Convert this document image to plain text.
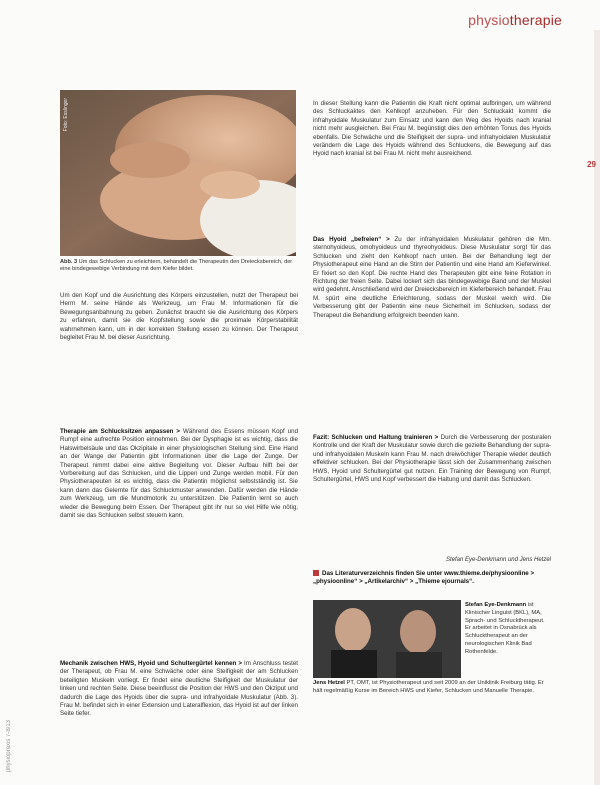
physiotherapie
29
Foto: Esslinger
Abb. 3 Um das Schlucken zu erleichtern, behandelt die Therapeutin den Dreiecksbereich, der eine bindegewebige Verbindung mit dem Kiefer bildet.

Um den Kopf und die Ausrichtung des Körpers einzustellen, nutzt der Therapeut bei Herrn M. seine Hände als Werkzeug, um Frau M. Informationen für die Bewegungsanbahnung zu geben. Zunächst braucht sie die Ausrichtung des Körpers zu erfahren, damit sie die Kopfstellung sowie die proximale Körperstabilität wahrnehmen kann, um in der korrekten Stellung essen zu können. Der Therapeut begleitet Frau M. bei dieser Ausrichtung.

Therapie am Schlucksitzen anpassen > Während des Essens müssen Kopf und Rumpf eine aufrechte Position einnehmen. Bei der Dysphagie ist es wichtig, dass die Halswirbelsäule und das Okzipitale in einer physiologischen Stellung sind. Eine Hand an der Wange der Patientin gibt Informationen über die Lage der Zunge. Der Therapeut nimmt dabei eine aktive Begleitung vor. Dieser Aufbau hilft bei der Vorbereitung auf das Schlucken, und die Lippen und Zunge werden mobil. Für den Physiotherapeuten ist es wichtig, dass die Patientin möglichst selbstständig ist. Sie kann dann das Gelernte für das Schluckmuster anwenden. Dafür werden die Hände zum Werkzeug, um die Mundmotorik zu unterstützen. Die Patientin lernt so auch wieder die Bewegung beim Essen. Der Therapeut gibt ihr nur so viel Hilfe wie nötig, damit sie das Schlucken selbst steuern kann.

Mechanik zwischen HWS, Hyoid und Schultergürtel kennen > Im Anschluss testet der Therapeut, ob Frau M. eine Schwäche oder eine Steifigkeit der am Schlucken beteiligten Muskeln vorliegt. Er findet eine deutliche Steifigkeit der Muskulatur der linken und rechten Seite. Diese beeinflusst die Position der HWS und den Okziput und dadurch die Lage des Hyoids über die supra- und infrahyoidale Muskulatur (Abb. 3). Frau M. befindet sich in einer Extension und Lateralflexion, das Hyoid ist auf der linken Seite tiefer.

In dieser Stellung kann die Patientin die Kraft nicht optimal aufbringen, um während des Schluckaktes den Kehlkopf anzuheben. Für den Schluckakt kommt die infrahyoidale Muskulatur zum Einsatz und kann den Weg des Hyoids nach kranial nicht mehr ausgleichen. Bei Frau M. begünstigt dies den erhöhten Tonus des Hyoids ebenfalls. Die Schwäche und die Steifigkeit der supra- und infrahyoidalen Muskulatur verändern die Lage des Hyoids während des Schluckens, die Bewegung auf das Hyoid nach kranial ist bei Frau M. nicht mehr ausreichend.

Das Hyoid „befreien“ > Zu der infrahyoidalen Muskulatur gehören die Mm. sternohyoideus, omohyoideus und thyreohyoideus. Diese Muskulatur sorgt für das Schlucken und zieht den Kehlkopf nach unten. Bei der Behandlung legt der Physiotherapeut eine Hand an die Stirn der Patientin und eine Hand am Kieferwinkel. Er fixiert so den Kopf. Die rechte Hand des Therapeuten gibt eine feine Rotation in Richtung der freien Seite. Dabei lockert sich das bindegewebige Band und der Muskel wird gedehnt. Anschließend wird der Dreiecksbereich im Kieferbereich behandelt. Frau M. spürt eine deutliche Erleichterung, sodass der Muskel weich wird. Die Verbesserung gibt der Patientin eine neue Sicherheit im Schlucken, sodass der Therapeut die Behandlung erfolgreich beenden kann.

Fazit: Schlucken und Haltung trainieren > Durch die Verbesserung der posturalen Kontrolle und der Kraft der Muskulatur sowie durch die gezielte Behandlung der supra- und infrahyoidalen Muskeln kann Frau M. nach dreiwöchiger Therapie wieder deutlich effektiver schlucken. Bei der Physiotherapie lässt sich der Zusammenhang zwischen HWS, Hyoid und Schultergürtel gut nutzen. Ein Training der Bewegung von Rumpf, Schultergürtel, HWS und Kopf verbessert die Haltung und damit das Schlucken.

Stefan Eye-Denkmann und Jens Hetzel
Das Literaturverzeichnis finden Sie unter www.thieme.de/physioonline > „physioonline“ > „Artikelarchiv“ > „Thieme ejournals“.
Stefan Eye-Denkmann ist Klinischer Linguist (BKL), MA, Sprach- und Schlucktherapeut. Er arbeitet in Osnabrück als Schlucktherapeut an der neurologischen Klinik Bad Rothenfelde.
Jens Hetzel PT, OMT, ist Physiotherapeut und seit 2009 an der Uniklinik Freiburg tätig. Er hält regelmäßig Kurse im Bereich HWS und Kiefer, Schlucken und Manuelle Therapie.
physiopraxis 7-8/13
